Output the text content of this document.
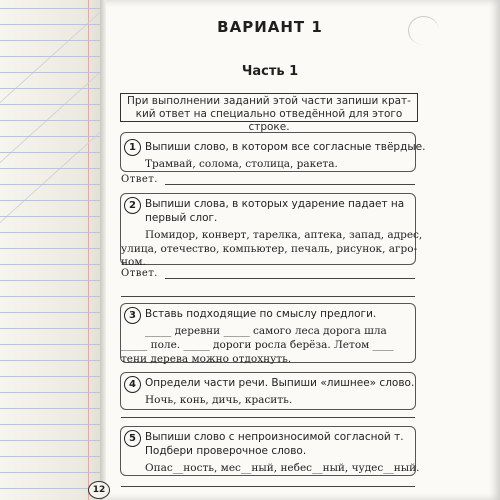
ВАРИАНТ 1
Часть 1
При выполнении заданий этой части запиши крат-
кий ответ на специально отведённой для этого строке.
1 Выпиши слово, в котором все согласные твёрдые.
Трамвай, солома, столица, ракета.
Ответ.
2 Выпиши слова, в которых ударение падает на
первый слог.
Помидор, конверт, тарелка, аптека, запад, адрес,
улица, отечество, компьютер, печаль, рисунок, агро-
ном.
Ответ.
3 Вставь подходящие по смыслу предлоги.
_____ деревни _____ самого леса дорога шла
_____ поле. _____ дороги росла берёза. Летом ____
тени дерева можно отдохнуть.
4 Определи части речи. Выпиши «лишнее» слово.
Ночь, конь, дичь, красить.
5 Выпиши слово с непроизносимой согласной т.
Подбери проверочное слово.
Опас__ность, мес__ный, небес__ный, чудес__ный.
12
